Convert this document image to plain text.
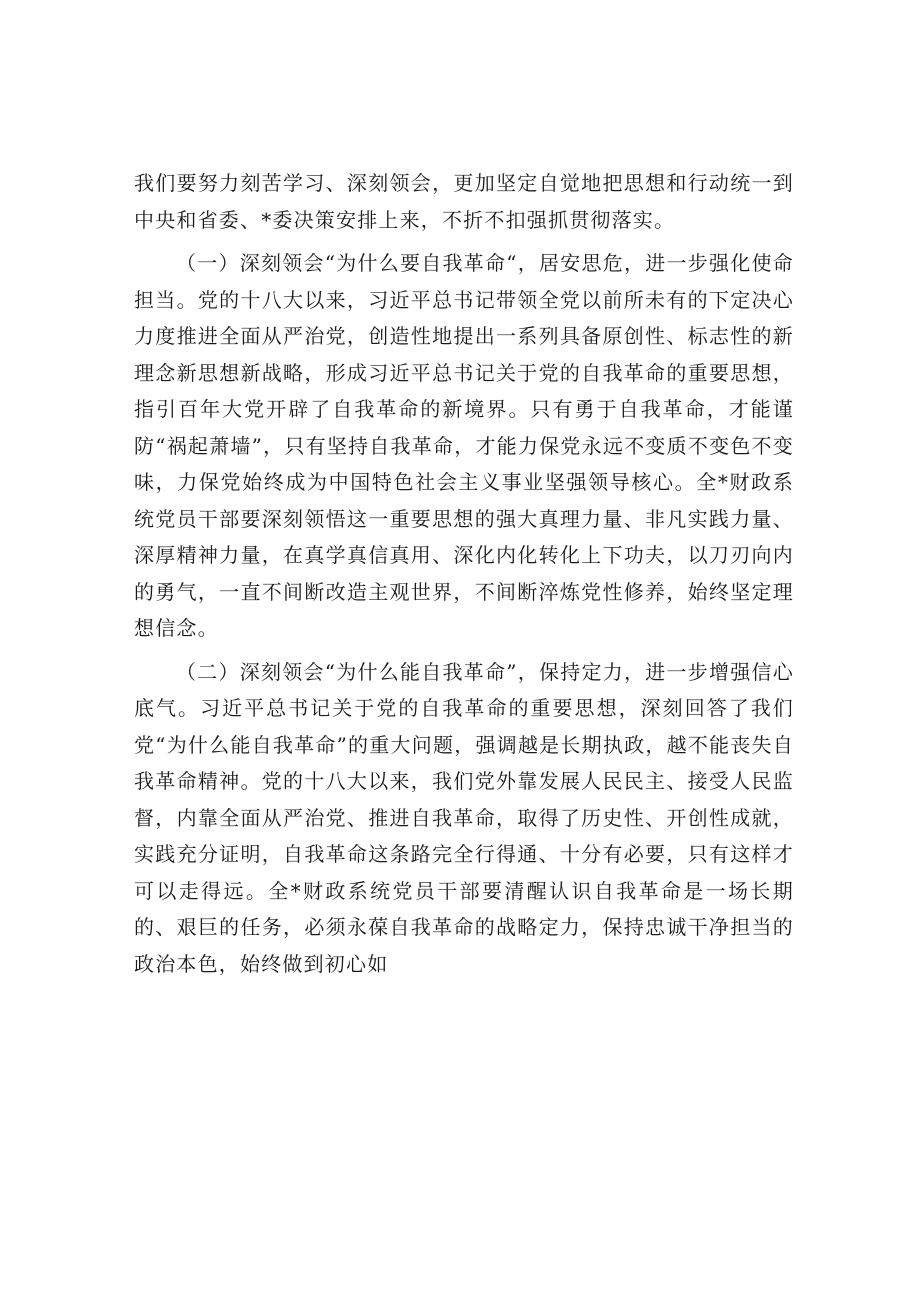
我们要努力刻苦学习、深刻领会，更加坚定自觉地把思想和行动统一到中央和省委、*委决策安排上来，不折不扣强抓贯彻落实。

（一）深刻领会“为什么要自我革命“，居安思危，进一步强化使命担当。党的十八大以来，习近平总书记带领全党以前所未有的下定决心力度推进全面从严治党，创造性地提出一系列具备原创性、标志性的新理念新思想新战略，形成习近平总书记关于党的自我革命的重要思想，指引百年大党开辟了自我革命的新境界。只有勇于自我革命，才能谨防“祸起萧墙”，只有坚持自我革命，才能力保党永远不变质不变色不变味，力保党始终成为中国特色社会主义事业坚强领导核心。全*财政系统党员干部要深刻领悟这一重要思想的强大真理力量、非凡实践力量、深厚精神力量，在真学真信真用、深化内化转化上下功夫，以刀刃向内的勇气，一直不间断改造主观世界，不间断淬炼党性修养，始终坚定理想信念。

（二）深刻领会“为什么能自我革命”，保持定力，进一步增强信心底气。习近平总书记关于党的自我革命的重要思想，深刻回答了我们党“为什么能自我革命”的重大问题，强调越是长期执政，越不能丧失自我革命精神。党的十八大以来，我们党外靠发展人民民主、接受人民监督，内靠全面从严治党、推进自我革命，取得了历史性、开创性成就，实践充分证明，自我革命这条路完全行得通、十分有必要，只有这样才可以走得远。全*财政系统党员干部要清醒认识自我革命是一场长期的、艰巨的任务，必须永葆自我革命的战略定力，保持忠诚干净担当的政治本色，始终做到初心如
